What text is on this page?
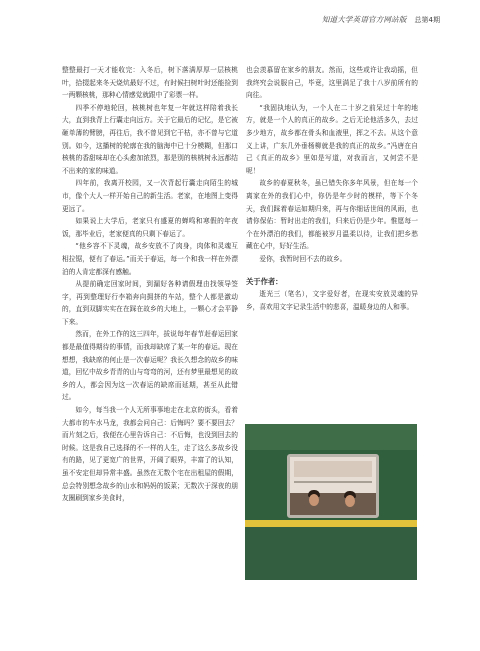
知道大学英语官方网站版 总第4期

整整最打一天才能收完：入冬后，树下落满厚厚一层核桃叶，拾掇起来冬天烧炕最好不过，有时候扫树叶时还能捡到一两颗核桃，那种心情感觉就跟中了彩票一样。

四季不停地轮回，核桃树也年复一年就这样陪着我长大，直到我背上行囊走向远方。关于它最后的记忆，是它被砸单薄的臂膀，再往后，我不曾见到它干枯，亦不曾与它道别。如今，这播树的轮廓在我的脑海中已十分模糊，但那口核桃的香甜味却在心头愈加浓烈，那是别的核桃树永远都结不出来的家的味道。

四年前，我离开校园，又一次背起行囊走向陌生的城市，像个大人一样开始自己的新生活。老家，在地图上变得更远了。

如果说上大学后，老家只有盛夏的蝉鸣和寒假的年夜饭，那毕业后，老家便真的只剩下春运了。

“他乡容不下灵魂，故乡安放不了肉身，肉体和灵魂互相拉锯，便有了春运。”而关于春运，每一个和我一样在外漂泊的人肯定都深有感触。

从提前确定回家时间，到漏好各种请假理由找领导签字，再到整理好行李箱奔向拥挤的车站，整个人都是激动的，直到双脚实实在在踩在故乡的大地上，一颗心才会平静下来。

然而，在外工作的这三四年，拔说每年春节赶春运回家都是最值得期待的事情，而我却缺席了某一年的春运。现在想想，我缺席的何止是一次春运呢？我长久想念的故乡的味道，回忆中故乡青青的山与弯弯的河，还有梦里最想见的故乡的人，都会因为这一次春运的缺席而延期，甚至从此错过。

如今，每当我一个人无所事事地走在北京的街头，看着大都市的车水马龙，我都会问自己：后悔吗？要不要回去？而片刻之后，我便在心里告诉自己：不后悔，也没到回去的时候。这是我自己选择的不一样的人生，走了这么多故乡没有的路，见了更宽广的世界，开阔了眼界，丰富了的认知，虽不安定但却异常丰盛。虽然在无数个宅在出租屋的假期，总会特别想念故乡的山水和妈妈的饭菜；无数次于深夜的朋友圈刷到家乡美食时，

也会羡慕留在家乡的朋友。然而，这些或许让我动摇，但我终究会说服自己，毕竟，这里满足了我十八岁前所有的向往。

“我固执地认为，一个人在二十岁之前呆过十年的地方，就是一个人的真正的故乡。之后无论他活多久，去过多少地方，故乡都在骨头和血液里，挥之不去。从这个意义上讲，广东几外垂杨柳就是我的真正的故乡。”冯唐在自己《真正的故乡》里如是写道，对我而言，又何尝不是呢！

故乡的春夏秋冬，虽已错失你多年风景，但在每一个离家在外的我们心中，你仍是年少时的模样，等下个冬天，我们踩着春运如期归来，再与你细话世间的风雨，也请你保佑：暂时出走的我们，归来后仍是少年。惟愿每一个在外漂泊的我们，都能被岁月温柔以待，让我们把乡愁藏在心中，好好生活。

爱你，我暂时回不去的故乡。

关于作者：

逝光三（笔名），文字爱好者，在现实安放灵魂的异乡，喜欢用文字记录生活中的悲喜，温暖身边的人和事。
